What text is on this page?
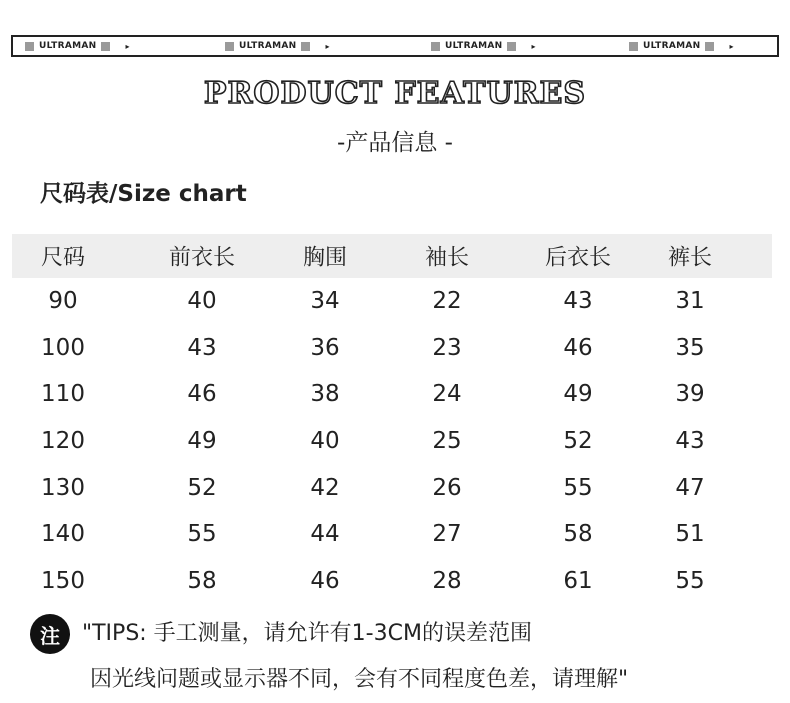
ULTRAMAN	▸	ULTRAMAN	▸	ULTRAMAN	▸	ULTRAMAN	▸
PRODUCT FEATURES
-产品信息 -
尺码表/Size chart
尺码	前衣长	胸围	袖长	后衣长	裤长
90	40	34	22	43	31
100	43	36	23	46	35
110	46	38	24	49	39
120	49	40	25	52	43
130	52	42	26	55	47
140	55	44	27	58	51
150	58	46	28	61	55
注	"TIPS: 手工测量，请允许有1-3CM的误差范围
因光线问题或显示器不同，会有不同程度色差，请理解"
